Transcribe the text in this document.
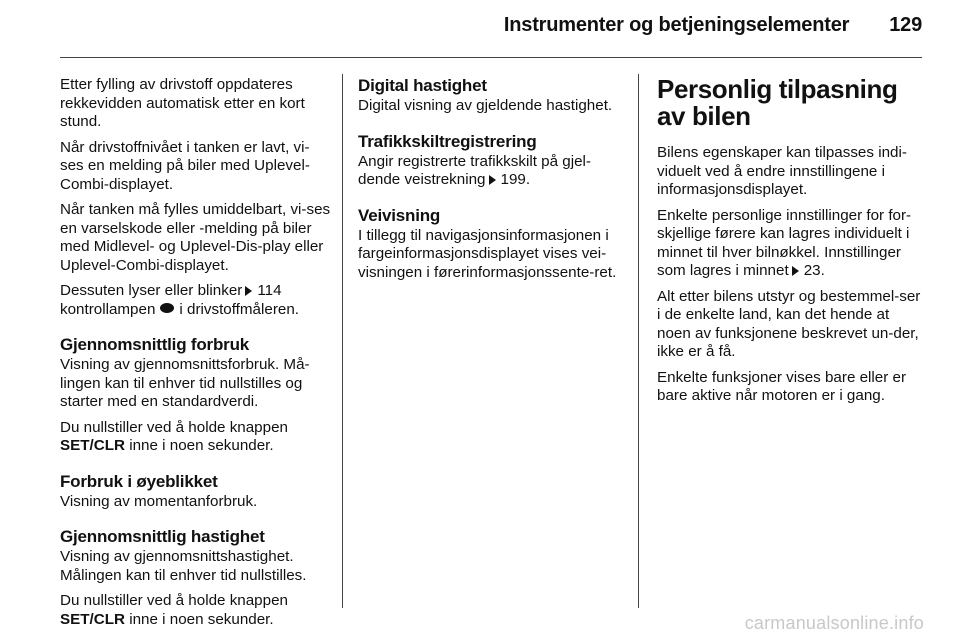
Instrumenter og betjeningselementer 129

Etter fylling av drivstoff oppdateres rekkevidden automatisk etter en kort stund.

Når drivstoffnivået i tanken er lavt, vi-ses en melding på biler med Uplevel-Combi-displayet.

Når tanken må fylles umiddelbart, vi-ses en varselskode eller -melding på biler med Midlevel- og Uplevel-Dis-play eller Uplevel-Combi-displayet.

Dessuten lyser eller blinker 114 kontrollampen i drivstoffmåleren.

Gjennomsnittlig forbruk

Visning av gjennomsnittsforbruk. Må-lingen kan til enhver tid nullstilles og starter med en standardverdi.

Du nullstiller ved å holde knappen SET/CLR inne i noen sekunder.

Forbruk i øyeblikket

Visning av momentanforbruk.

Gjennomsnittlig hastighet

Visning av gjennomsnittshastighet. Målingen kan til enhver tid nullstilles.

Du nullstiller ved å holde knappen SET/CLR inne i noen sekunder.

Digital hastighet

Digital visning av gjeldende hastighet.

Trafikkskiltregistrering

Angir registrerte trafikkskilt på gjel-dende veistrekning 199.

Veivisning

I tillegg til navigasjonsinformasjonen i fargeinformasjonsdisplayet vises vei-visningen i førerinformasjonssente-ret.

Personlig tilpasning av bilen

Bilens egenskaper kan tilpasses indi-viduelt ved å endre innstillingene i informasjonsdisplayet.

Enkelte personlige innstillinger for for-skjellige førere kan lagres individuelt i minnet til hver bilnøkkel. Innstillinger som lagres i minnet 23.

Alt etter bilens utstyr og bestemmel-ser i de enkelte land, kan det hende at noen av funksjonene beskrevet un-der, ikke er å få.

Enkelte funksjoner vises bare eller er bare aktive når motoren er i gang.

carmanualsonline.info
